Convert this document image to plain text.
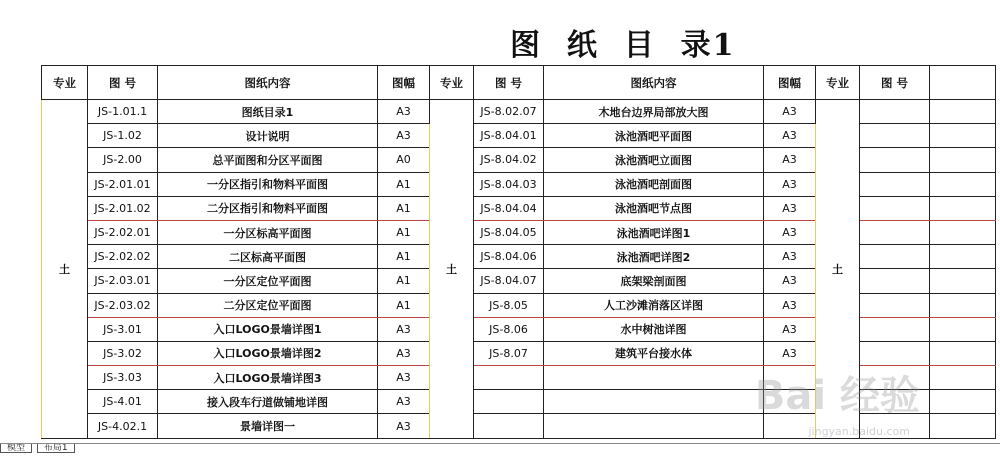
图  纸  目  录1
专业	图 号	图纸内容	图幅	专业	图 号	图纸内容	图幅	专业	图 号	
土	JS-1.01.1	图纸目录1	A3	土	JS-8.02.07	木地台边界局部放大图	A3	土		
	JS-1.02	设计说明	A3		JS-8.04.01	泳池酒吧平面图	A3			
	JS-2.00	总平面图和分区平面图	A0		JS-8.04.02	泳池酒吧立面图	A3			
	JS-2.01.01	一分区指引和物料平面图	A1		JS-8.04.03	泳池酒吧剖面图	A3			
	JS-2.01.02	二分区指引和物料平面图	A1		JS-8.04.04	泳池酒吧节点图	A3			
	JS-2.02.01	一分区标高平面图	A1		JS-8.04.05	泳池酒吧详图1	A3			
	JS-2.02.02	二区标高平面图	A1		JS-8.04.06	泳池酒吧详图2	A3			
	JS-2.03.01	一分区定位平面图	A1		JS-8.04.07	底架梁剖面图	A3			
	JS-2.03.02	二分区定位平面图	A1		JS-8.05	人工沙滩消落区详图	A3			
	JS-3.01	入口LOGO景墙详图1	A3		JS-8.06	水中树池详图	A3			
	JS-3.02	入口LOGO景墙详图2	A3		JS-8.07	建筑平台接水体	A3			
	JS-3.03	入口LOGO景墙详图3	A3							
	JS-4.01	接入段车行道做铺地详图	A3							
	JS-4.02.1	景墙详图一	A3							
Bai 经验
jingyan.baidu.com
模型 布局1
